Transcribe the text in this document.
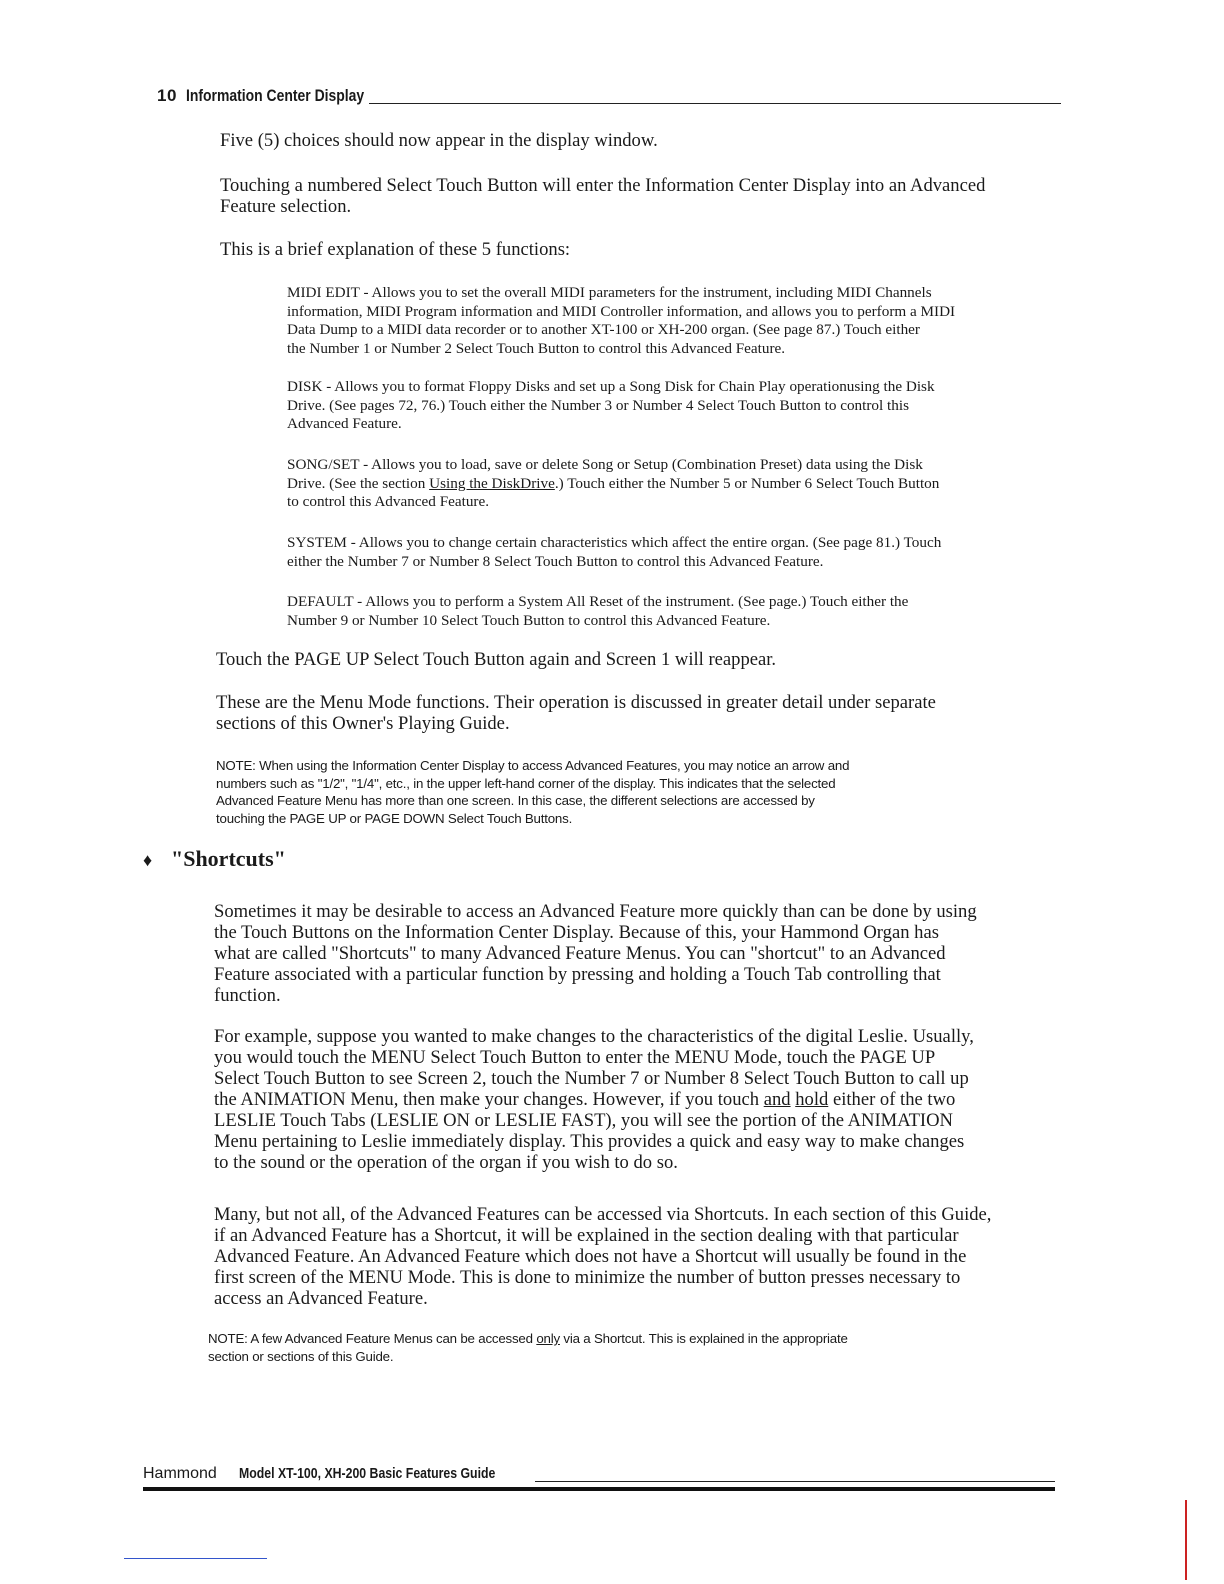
10 Information Center Display

Five (5) choices should now appear in the display window.

Touching a numbered Select Touch Button will enter the Information Center Display into an Advanced
Feature selection.

This is a brief explanation of these 5 functions:

MIDI EDIT - Allows you to set the overall MIDI parameters for the instrument, including MIDI Channels
information, MIDI Program information and MIDI Controller information, and allows you to perform a MIDI
Data Dump to a MIDI data recorder or to another XT-100 or XH-200 organ. (See page 87.) Touch either
the Number 1 or Number 2 Select Touch Button to control this Advanced Feature.
DISK - Allows you to format Floppy Disks and set up a Song Disk for Chain Play operationusing the Disk
Drive. (See pages 72, 76.) Touch either the Number 3 or Number 4 Select Touch Button to control this
Advanced Feature.
SONG/SET - Allows you to load, save or delete Song or Setup (Combination Preset) data using the Disk
Drive. (See the section Using the DiskDrive.) Touch either the Number 5 or Number 6 Select Touch Button
to control this Advanced Feature.
SYSTEM - Allows you to change certain characteristics which affect the entire organ. (See page 81.) Touch
either the Number 7 or Number 8 Select Touch Button to control this Advanced Feature.
DEFAULT - Allows you to perform a System All Reset of the instrument. (See page.) Touch either the
Number 9 or Number 10 Select Touch Button to control this Advanced Feature.

Touch the PAGE UP Select Touch Button again and Screen 1 will reappear.

These are the Menu Mode functions. Their operation is discussed in greater detail under separate
sections of this Owner's Playing Guide.
NOTE: When using the Information Center Display to access Advanced Features, you may notice an arrow and
numbers such as "1/2", "1/4", etc., in the upper left-hand corner of the display. This indicates that the selected
Advanced Feature Menu has more than one screen. In this case, the different selections are accessed by
touching the PAGE UP or PAGE DOWN Select Touch Buttons.
♦ "Shortcuts"
Sometimes it may be desirable to access an Advanced Feature more quickly than can be done by using
the Touch Buttons on the Information Center Display. Because of this, your Hammond Organ has
what are called "Shortcuts" to many Advanced Feature Menus. You can "shortcut" to an Advanced
Feature associated with a particular function by pressing and holding a Touch Tab controlling that
function.
For example, suppose you wanted to make changes to the characteristics of the digital Leslie. Usually,
you would touch the MENU Select Touch Button to enter the MENU Mode, touch the PAGE UP
Select Touch Button to see Screen 2, touch the Number 7 or Number 8 Select Touch Button to call up
the ANIMATION Menu, then make your changes. However, if you touch and hold either of the two
LESLIE Touch Tabs (LESLIE ON or LESLIE FAST), you will see the portion of the ANIMATION
Menu pertaining to Leslie immediately display. This provides a quick and easy way to make changes
to the sound or the operation of the organ if you wish to do so.
Many, but not all, of the Advanced Features can be accessed via Shortcuts. In each section of this Guide,
if an Advanced Feature has a Shortcut, it will be explained in the section dealing with that particular
Advanced Feature. An Advanced Feature which does not have a Shortcut will usually be found in the
first screen of the MENU Mode. This is done to minimize the number of button presses necessary to
access an Advanced Feature.
NOTE: A few Advanced Feature Menus can be accessed only via a Shortcut. This is explained in the appropriate
section or sections of this Guide.
Hammond Model XT-100, XH-200 Basic Features Guide
